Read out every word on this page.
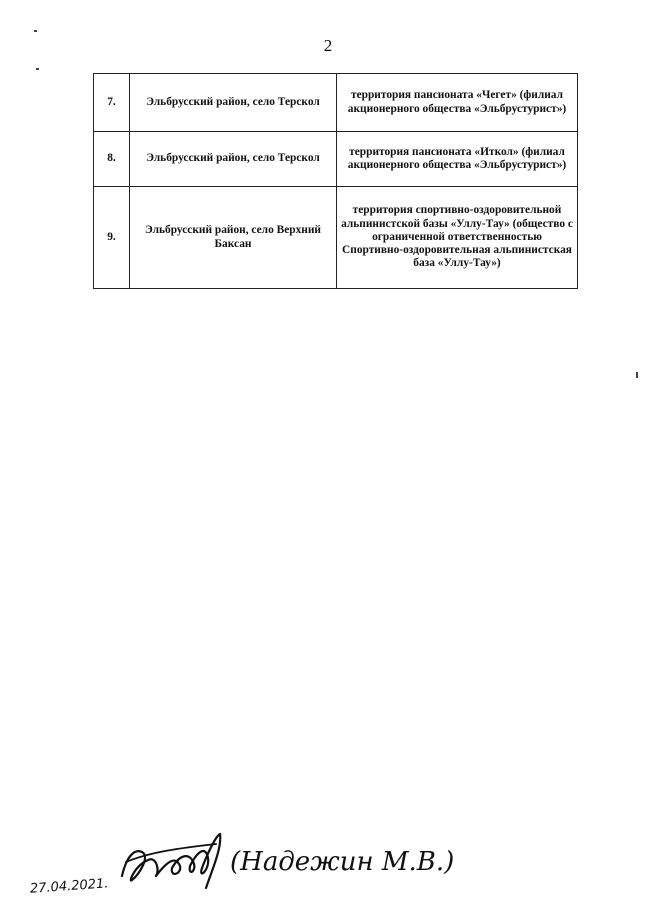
2
7.	Эльбрусский район, село Терскол	территория пансионата «Чегет» (филиал акционерного общества «Эльбрустурист»)
8.	Эльбрусский район, село Терскол	территория пансионата «Иткол» (филиал акционерного общества «Эльбрустурист»)
9.	Эльбрусский район, село Верхний Баксан	территория спортивно-оздоровительной альпинистской базы «Уллу-Тау» (общество с ограниченной ответственностью Спортивно-оздоровительная альпинистская база «Уллу-Тау»)
27.04.2021.
(Надежин М.В.)
